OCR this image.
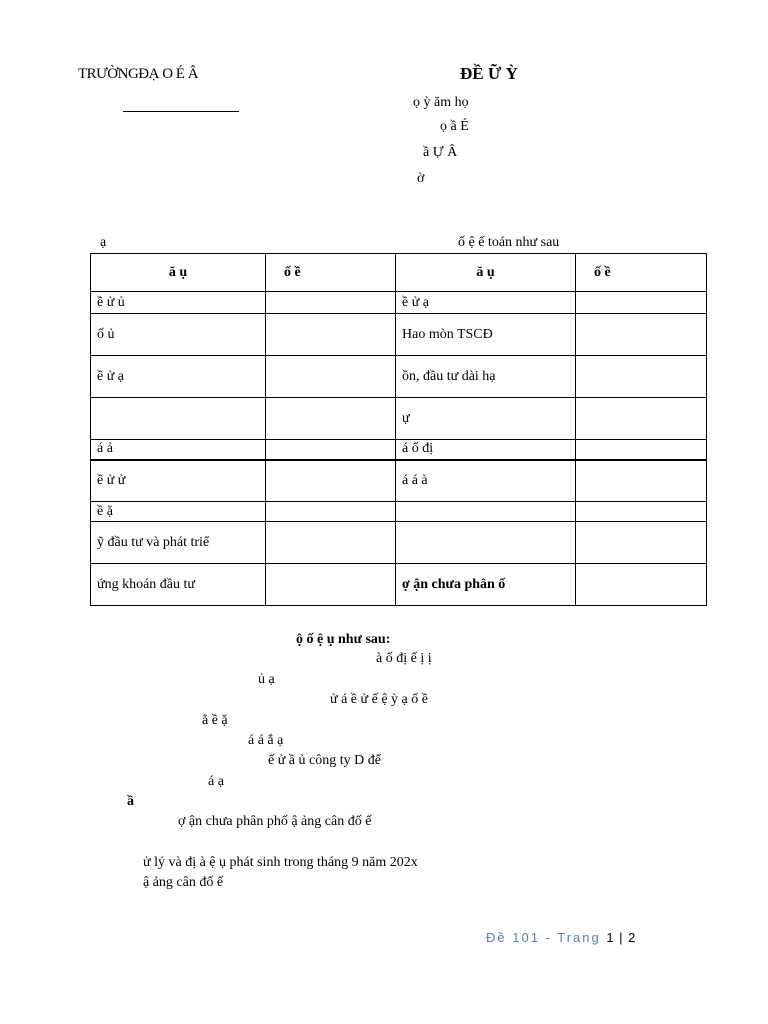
TRƯỜNGĐẠ O É Â	ĐỀ Ữ Ỳ
ọ ỳ ăm họ
ọ ầ É
ầ Ự Â
ờ
ạ	ố ệ ế toán như sau
ă ụ	ố ề	ă ụ	ố ề
ề ử ủ		ề ử ạ	
ố ủ		Hao mòn TSCĐ	
ề ử ạ		ồn, đầu tư dài hạ	
		ự	
á ả		á ố đị	
ề ử ử		á á à	
ề ặ			
ỹ đầu tư và phát triể			
ứng khoán đầu tư		ợ ận chưa phân ố	
ộ ố ệ ụ như sau:
à ố đị ế ị ị
ủ ạ
ử á ề ử ế ệ ỳ ạ ố ề
ằ ề ặ
á á ắ ạ
ế ử ầ ủ công ty D để
á ạ
ầ
ợ ận chưa phân phố ậ ảng cân đố ế
ử lý và đị à ệ ụ phát sinh trong tháng 9 năm 202x
ậ ảng cân đố ế
Đề 101 - Trang 1 | 2
